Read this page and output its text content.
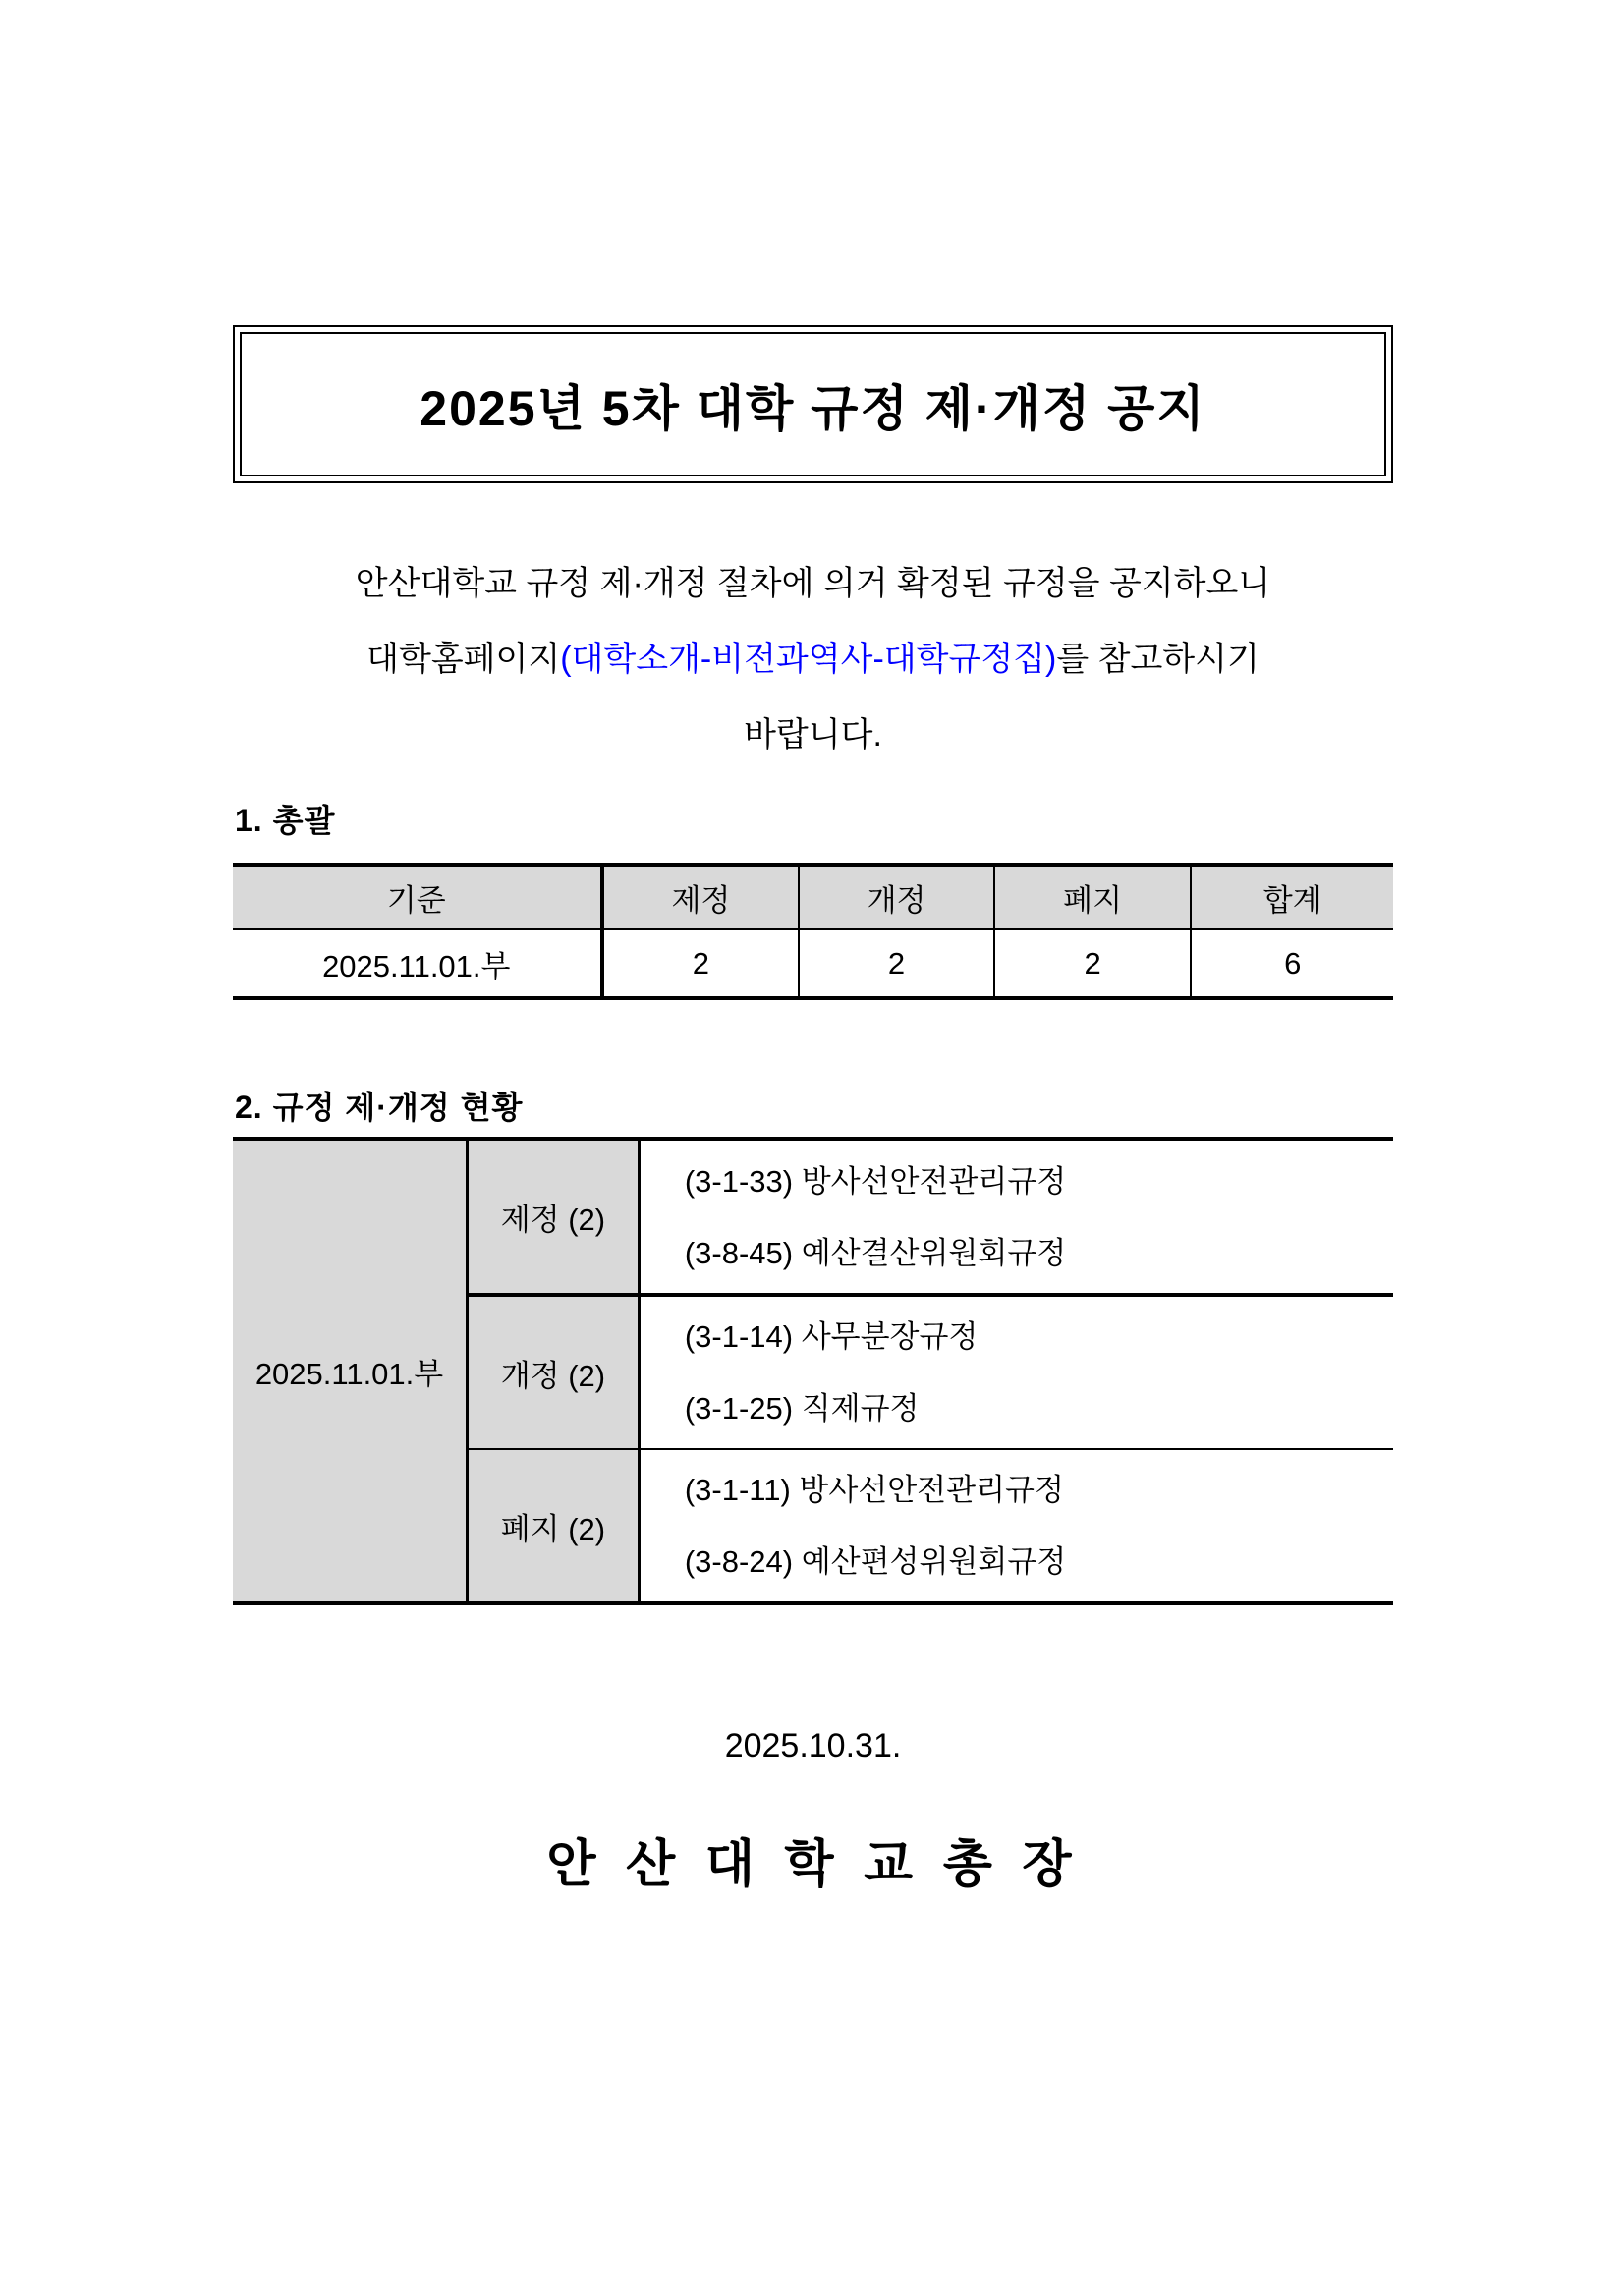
2025년 5차 대학 규정 제·개정 공지
안산대학교 규정 제·개정 절차에 의거 확정된 규정을 공지하오니
대학홈페이지(대학소개-비전과역사-대학규정집)를 참고하시기
바랍니다.
1. 총괄
기준	제정	개정	폐지	합계
2025.11.01.부	2	2	2	6
2. 규정 제·개정 현황
2025.11.01.부	제정 (2)	(3-1-33) 방사선안전관리규정
(3-8-45) 예산결산위원회규정

	개정 (2)	(3-1-14) 사무분장규정
(3-1-25) 직제규정

	폐지 (2)	(3-1-11) 방사선안전관리규정
(3-8-24) 예산편성위원회규정
2025.10.31.
안 산 대 학 교 총 장
